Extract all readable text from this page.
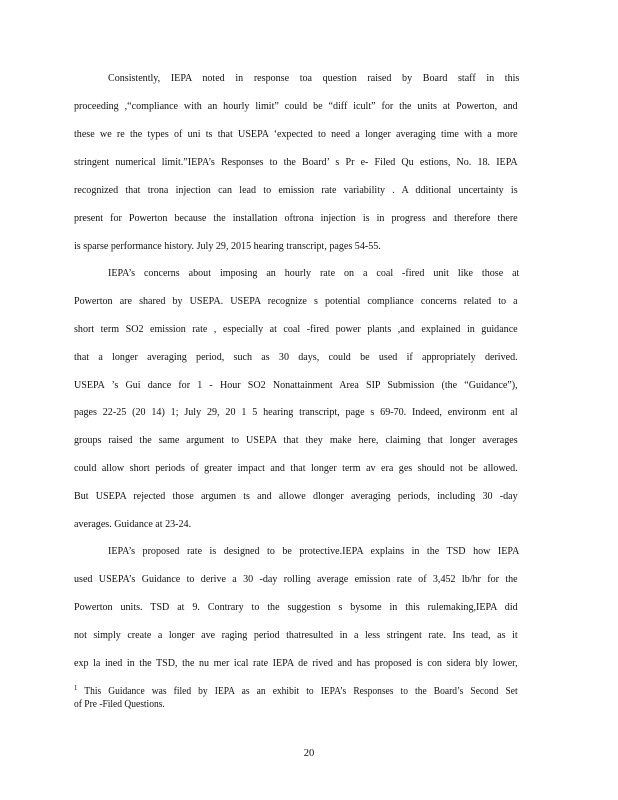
Consistently, IEPA noted in response toa question raised by Board staff in this
proceeding ,“compliance with an hourly limit” could be “diff icult” for the units at Powerton, and
these we re the types of uni ts that USEPA ‘expected to need a longer averaging time with a more
stringent numerical limit.”IEPA’s Responses to the Board’ s Pr e- Filed Qu estions, No. 18. IEPA
recognized that trona injection can lead to emission rate variability . A dditional uncertainty is
present for Powerton because the installation oftrona injection is in progress and therefore there
is sparse performance history. July 29, 2015 hearing transcript, pages 54-55.
IEPA’s concerns about imposing an hourly rate on a coal -fired unit like those at
Powerton are shared by USEPA. USEPA recognize s potential compliance concerns related to a
short term SO2 emission rate , especially at coal -fired power plants ,and explained in guidance
that a longer averaging period, such as 30 days, could be used if appropriately derived.
USEPA ’s Gui dance for 1 - Hour SO2 Nonattainment Area SIP Submission (the “Guidance”),
pages 22-25 (20 14) 1; July 29, 20 1 5 hearing transcript, page s 69-70. Indeed, environm ent al
groups raised the same argument to USEPA that they make here, claiming that longer averages
could allow short periods of greater impact and that longer term av era ges should not be allowed.
But USEPA rejected those argumen ts and allowe dlonger averaging periods, including 30 -day
averages. Guidance at 23-24.
IEPA’s proposed rate is designed to be protective.IEPA explains in the TSD how IEPA
used USEPA’s Guidance to derive a 30 -day rolling average emission rate of 3,452 lb/hr for the
Powerton units. TSD at 9. Contrary to the suggestion s bysome in this rulemaking,IEPA did
not simply create a longer ave raging period thatresulted in a less stringent rate. Ins tead, as it
exp la ined in the TSD, the nu mer ical rate IEPA de rived and has proposed is con sidera bly lower,
$^1$ This Guidance was filed by IEPA as an exhibit to IEPA’s Responses to the Board’s Second Set
of Pre -Filed Questions.
20
